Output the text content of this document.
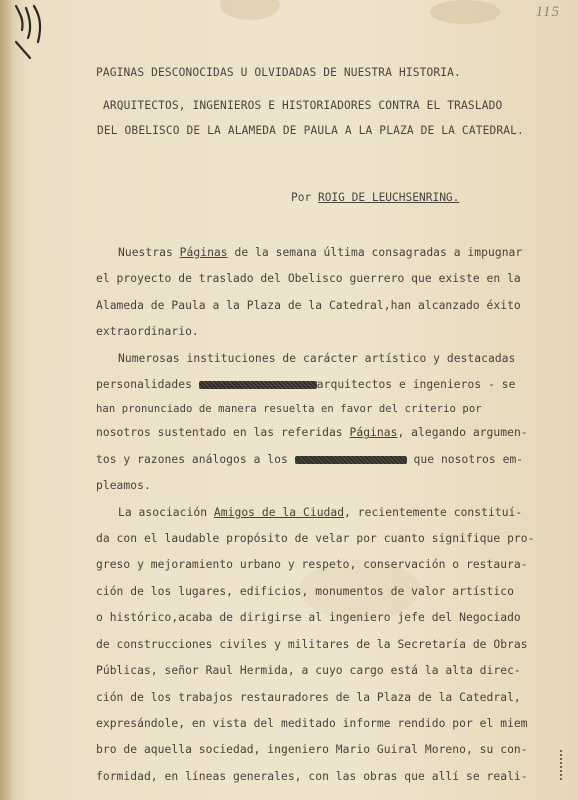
115
PAGINAS DESCONOCIDAS U OLVIDADAS DE NUESTRA HISTORIA.
ARQUITECTOS, INGENIEROS E HISTORIADORES CONTRA EL TRASLADO
DEL OBELISCO DE LA ALAMEDA DE PAULA A LA PLAZA DE LA CATEDRAL.
Por ROIG DE LEUCHSENRING.
Nuestras Páginas de la semana última consagradas a impugnar
el proyecto de traslado del Obelisco guerrero que existe en la
Alameda de Paula a la Plaza de la Catedral,han alcanzado éxito
extraordinario.
Numerosas instituciones de carácter artístico y destacadas
personalidades	arquitectos e ingenieros - se
han pronunciado de manera resuelta en favor del criterio por
nosotros sustentado en las referidas Páginas, alegando argumen-
tos y razones análogos a los	que nosotros em-
pleamos.
La asociación Amigos de la Ciudad, recientemente constituí-
da con el laudable propósito de velar por cuanto signifique pro-
greso y mejoramiento urbano y respeto, conservación o restaura-
ción de los lugares, edificios, monumentos de valor artístico
o histórico,acaba de dirigirse al ingeniero jefe del Negociado
de construcciones civiles y militares de la Secretaría de Obras
Públicas, señor Raul Hermida, a cuyo cargo está la alta direc-
ción de los trabajos restauradores de la Plaza de la Catedral,
expresándole, en vista del meditado informe rendido por el miem
bro de aquella sociedad, ingeniero Mario Guiral Moreno, su con-
formidad, en líneas generales, con las obras que allí se reali-
